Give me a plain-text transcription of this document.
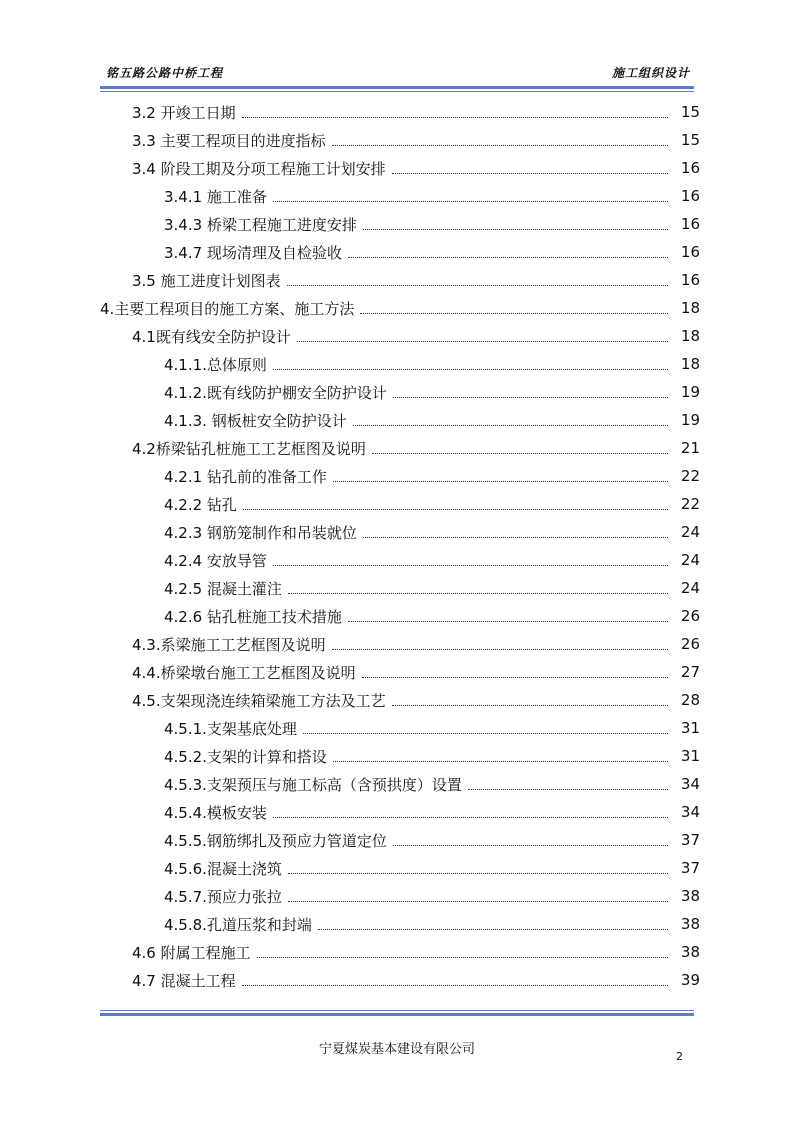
铭五路公路中桥工程	施工组织设计
3.2 开竣工日期	15
3.3 主要工程项目的进度指标	15
3.4 阶段工期及分项工程施工计划安排	16
3.4.1 施工准备	16
3.4.3 桥梁工程施工进度安排	16
3.4.7 现场清理及自检验收	16
3.5 施工进度计划图表	16
4.主要工程项目的施工方案、施工方法	18
4.1既有线安全防护设计	18
4.1.1.总体原则	18
4.1.2.既有线防护棚安全防护设计	19
4.1.3. 钢板桩安全防护设计	19
4.2桥梁钻孔桩施工工艺框图及说明	21
4.2.1 钻孔前的准备工作	22
4.2.2 钻孔	22
4.2.3 钢筋笼制作和吊装就位	24
4.2.4 安放导管	24
4.2.5 混凝土灌注	24
4.2.6 钻孔桩施工技术措施	26
4.3.系梁施工工艺框图及说明	26
4.4.桥梁墩台施工工艺框图及说明	27
4.5.支架现浇连续箱梁施工方法及工艺	28
4.5.1.支架基底处理	31
4.5.2.支架的计算和搭设	31
4.5.3.支架预压与施工标高（含预拱度）设置	34
4.5.4.模板安装	34
4.5.5.钢筋绑扎及预应力管道定位	37
4.5.6.混凝土浇筑	37
4.5.7.预应力张拉	38
4.5.8.孔道压浆和封端	38
4.6 附属工程施工	38
4.7 混凝土工程	39
宁夏煤炭基本建设有限公司	2
